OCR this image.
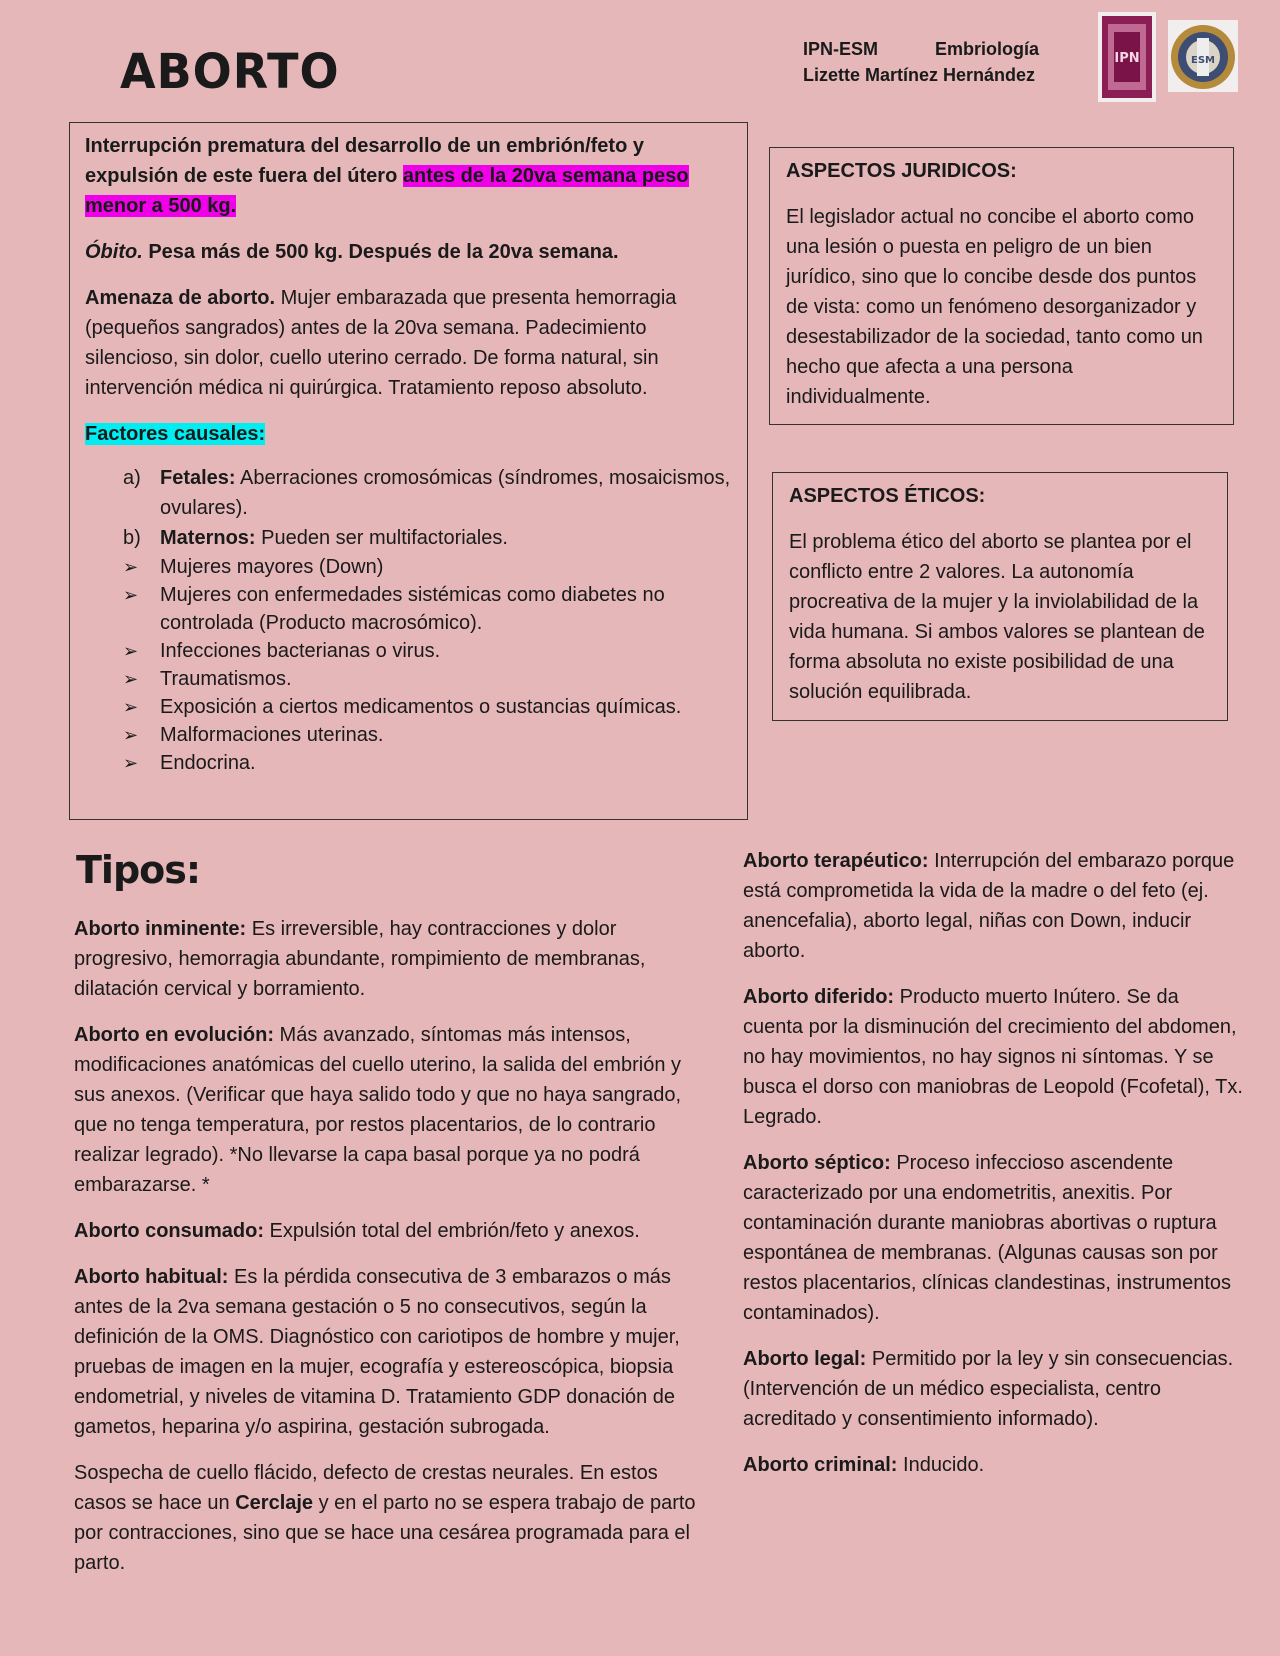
ABORTO	IPN-ESM	Embriología
Lizette Martínez Hernández
IPN	ESM

Interrupción prematura del desarrollo de un embrión/feto y expulsión de este fuera del útero antes de la 20va semana peso menor a 500 kg.

Óbito. Pesa más de 500 kg. Después de la 20va semana.

Amenaza de aborto. Mujer embarazada que presenta hemorragia (pequeños sangrados) antes de la 20va semana. Padecimiento silencioso, sin dolor, cuello uterino cerrado. De forma natural, sin intervención médica ni quirúrgica. Tratamiento reposo absoluto.

Factores causales:

a) Fetales: Aberraciones cromosómicas (síndromes, mosaicismos, ovulares).
b) Maternos: Pueden ser multifactoriales.
➢ Mujeres mayores (Down)
➢ Mujeres con enfermedades sistémicas como diabetes no controlada (Producto macrosómico).
➢ Infecciones bacterianas o virus.
➢ Traumatismos.
➢ Exposición a ciertos medicamentos o sustancias químicas.
➢ Malformaciones uterinas.
➢ Endocrina.

ASPECTOS JURIDICOS:

El legislador actual no concibe el aborto como una lesión o puesta en peligro de un bien jurídico, sino que lo concibe desde dos puntos de vista: como un fenómeno desorganizador y desestabilizador de la sociedad, tanto como un hecho que afecta a una persona individualmente.

ASPECTOS ÉTICOS:

El problema ético del aborto se plantea por el conflicto entre 2 valores. La autonomía procreativa de la mujer y la inviolabilidad de la vida humana. Si ambos valores se plantean de forma absoluta no existe posibilidad de una solución equilibrada.

Tipos:

Aborto inminente: Es irreversible, hay contracciones y dolor progresivo, hemorragia abundante, rompimiento de membranas, dilatación cervical y borramiento.

Aborto en evolución: Más avanzado, síntomas más intensos, modificaciones anatómicas del cuello uterino, la salida del embrión y sus anexos. (Verificar que haya salido todo y que no haya sangrado, que no tenga temperatura, por restos placentarios, de lo contrario realizar legrado). *No llevarse la capa basal porque ya no podrá embarazarse. *

Aborto consumado: Expulsión total del embrión/feto y anexos.

Aborto habitual: Es la pérdida consecutiva de 3 embarazos o más antes de la 2va semana gestación o 5 no consecutivos, según la definición de la OMS. Diagnóstico con cariotipos de hombre y mujer, pruebas de imagen en la mujer, ecografía y estereoscópica, biopsia endometrial, y niveles de vitamina D. Tratamiento GDP donación de gametos, heparina y/o aspirina, gestación subrogada.

Sospecha de cuello flácido, defecto de crestas neurales. En estos casos se hace un Cerclaje y en el parto no se espera trabajo de parto por contracciones, sino que se hace una cesárea programada para el parto.

Aborto terapéutico: Interrupción del embarazo porque está comprometida la vida de la madre o del feto (ej. anencefalia), aborto legal, niñas con Down, inducir aborto.

Aborto diferido: Producto muerto Inútero. Se da cuenta por la disminución del crecimiento del abdomen, no hay movimientos, no hay signos ni síntomas. Y se busca el dorso con maniobras de Leopold (Fcofetal), Tx. Legrado.

Aborto séptico: Proceso infeccioso ascendente caracterizado por una endometritis, anexitis. Por contaminación durante maniobras abortivas o ruptura espontánea de membranas. (Algunas causas son por restos placentarios, clínicas clandestinas, instrumentos contaminados).

Aborto legal: Permitido por la ley y sin consecuencias. (Intervención de un médico especialista, centro acreditado y consentimiento informado).

Aborto criminal: Inducido.
